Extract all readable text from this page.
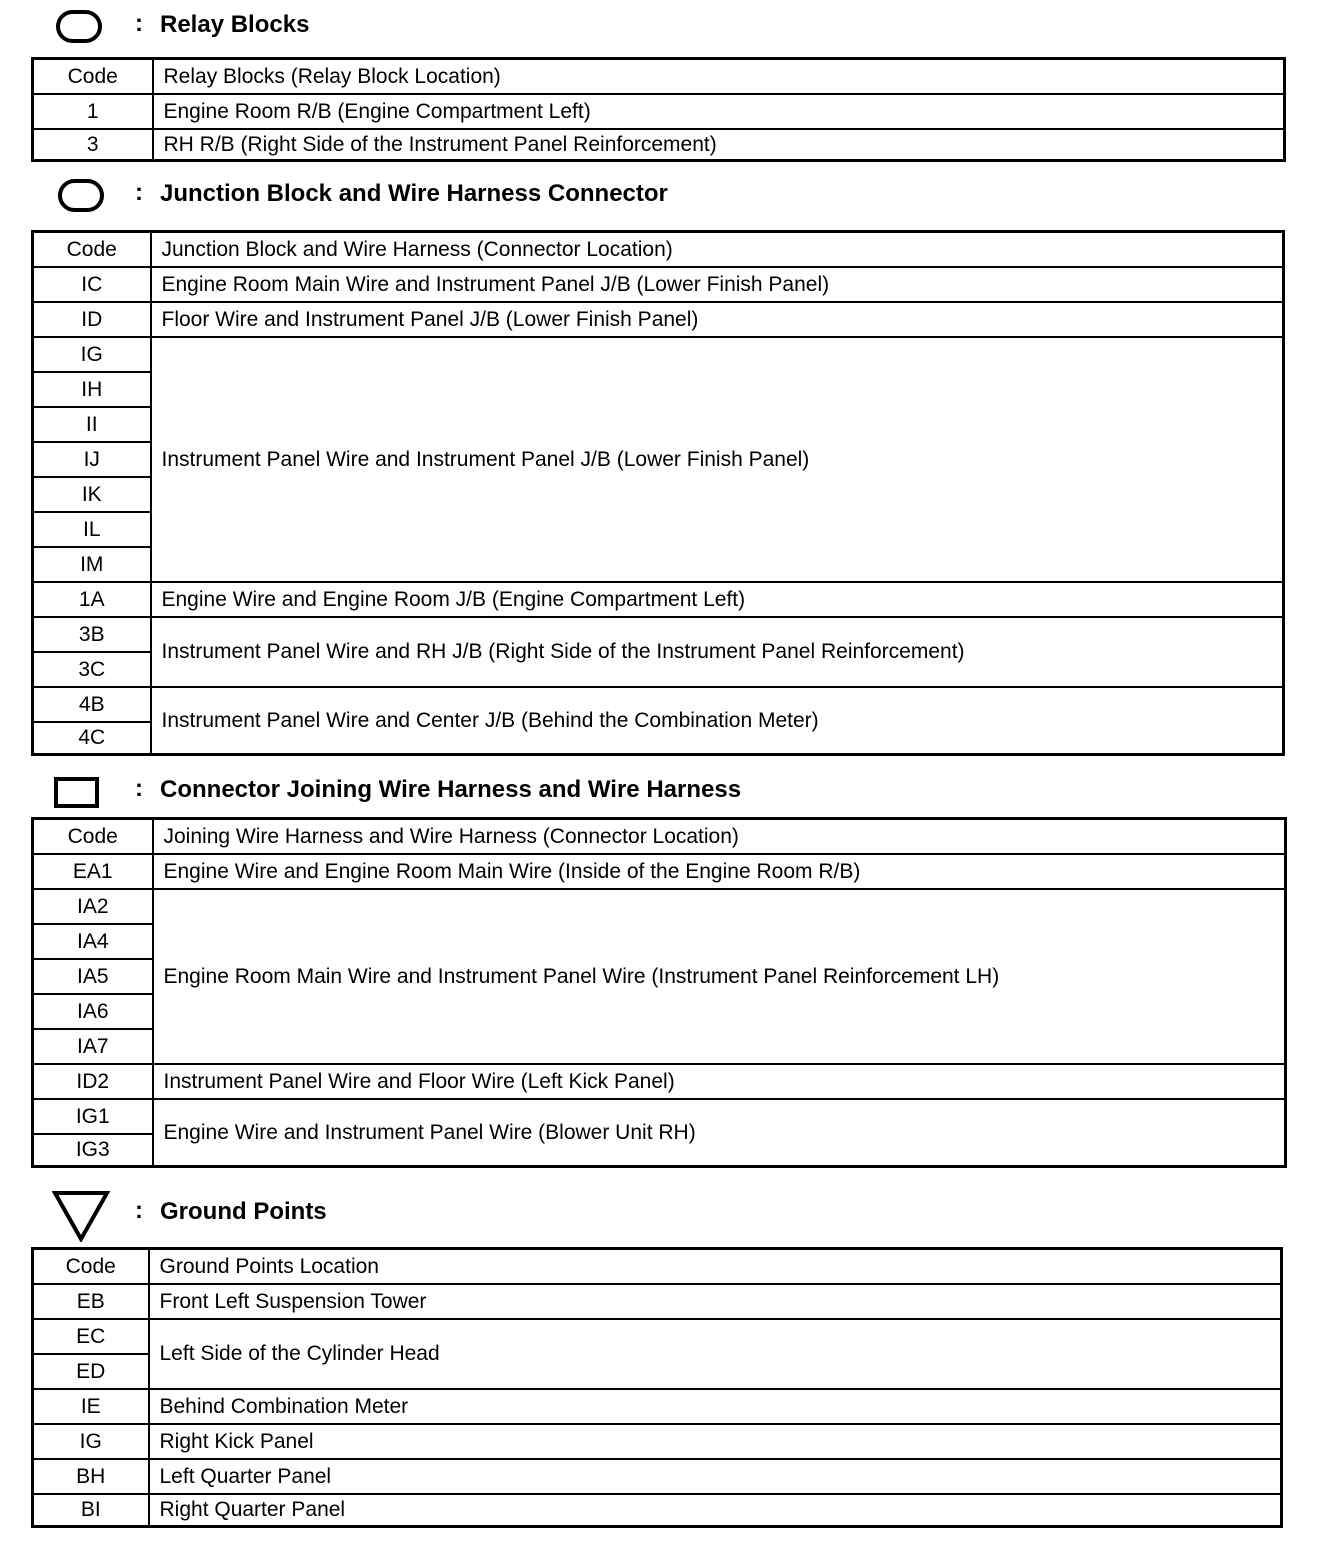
: Relay Blocks
Code	Relay Blocks (Relay Block Location)
1	Engine Room R/B (Engine Compartment Left)
3	RH R/B (Right Side of the Instrument Panel Reinforcement)
: Junction Block and Wire Harness Connector
Code	Junction Block and Wire Harness (Connector Location)
IC	Engine Room Main Wire and Instrument Panel J/B (Lower Finish Panel)
ID	Floor Wire and Instrument Panel J/B (Lower Finish Panel)
IG	Instrument Panel Wire and Instrument Panel J/B (Lower Finish Panel)
IH	
II	
IJ	
IK	
IL	
IM	
1A	Engine Wire and Engine Room J/B (Engine Compartment Left)
3B	Instrument Panel Wire and RH J/B (Right Side of the Instrument Panel Reinforcement)
3C	
4B	Instrument Panel Wire and Center J/B (Behind the Combination Meter)
4C	
: Connector Joining Wire Harness and Wire Harness
Code	Joining Wire Harness and Wire Harness (Connector Location)
EA1	Engine Wire and Engine Room Main Wire (Inside of the Engine Room R/B)
IA2	Engine Room Main Wire and Instrument Panel Wire (Instrument Panel Reinforcement LH)
IA4	
IA5	
IA6	
IA7	
ID2	Instrument Panel Wire and Floor Wire (Left Kick Panel)
IG1	Engine Wire and Instrument Panel Wire (Blower Unit RH)
IG3	
: Ground Points
Code	Ground Points Location
EB	Front Left Suspension Tower
EC	Left Side of the Cylinder Head
ED	
IE	Behind Combination Meter
IG	Right Kick Panel
BH	Left Quarter Panel
BI	Right Quarter Panel
